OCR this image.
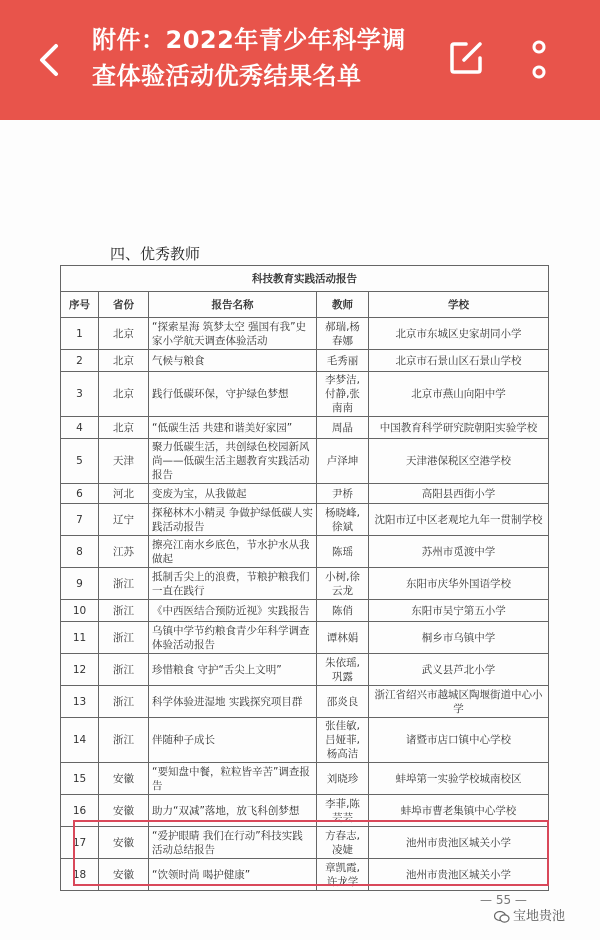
附件：2022年青少年科学调查体验活动优秀结果名单
四、优秀教师
科技教育实践活动报告				
序号	省份	报告名称	教师	学校
1	北京	“探索星海 筑梦太空 强国有我”史家小学航天调查体验活动	郝瑞,杨春娜	北京市东城区史家胡同小学
2	北京	气候与粮食	毛秀丽	北京市石景山区石景山学校
3	北京	践行低碳环保，守护绿色梦想	李梦洁,付静,张南南	北京市燕山向阳中学
4	北京	“低碳生活 共建和谐美好家园”	周晶	中国教育科学研究院朝阳实验学校
5	天津	聚力低碳生活，共创绿色校园新风尚——低碳生活主题教育实践活动报告	卢泽坤	天津港保税区空港学校
6	河北	变废为宝，从我做起	尹桥	高阳县西街小学
7	辽宁	探秘林木小精灵 争做护绿低碳人实践活动报告	杨晓峰,徐斌	沈阳市辽中区老观坨九年一贯制学校
8	江苏	擦亮江南水乡底色，节水护水从我做起	陈瑶	苏州市觅渡中学
9	浙江	抵制舌尖上的浪费，节粮护粮我们一直在践行	小树,徐云龙	东阳市庆华外国语学校
10	浙江	《中西医结合预防近视》实践报告	陈俏	东阳市吴宁第五小学
11	浙江	乌镇中学节约粮食青少年科学调查体验活动报告	谭林娟	桐乡市乌镇中学
12	浙江	珍惜粮食 守护“舌尖上文明”	朱依瑶,巩露	武义县芦北小学
13	浙江	科学体验进湿地 实践探究项目群	邵炎良	浙江省绍兴市越城区陶堰街道中心小学
14	浙江	伴随种子成长	张佳敏,吕娅菲,杨高洁	诸暨市店口镇中心学校
15	安徽	“要知盘中餐，粒粒皆辛苦”调查报告	刘晓珍	蚌埠第一实验学校城南校区
16	安徽	助力“双减”落地，放飞科创梦想	李菲,陈芸芸	蚌埠市曹老集镇中心学校
17	安徽	“爱护眼睛 我们在行动”科技实践活动总结报告	方春志,凌婕	池州市贵池区城关小学
18	安徽	“饮领时尚 喝护健康”	章凯霞,许龙学	池州市贵池区城关小学
— 55 —
宝地贵池
